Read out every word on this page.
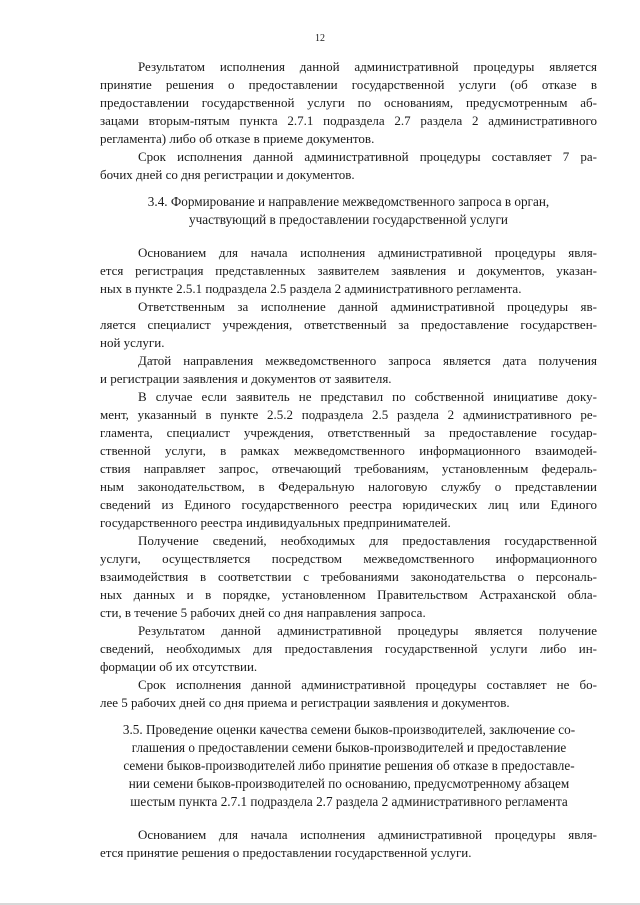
12
Результатом исполнения данной административной процедуры является
принятие решения о предоставлении государственной услуги (об отказе в
предоставлении государственной услуги по основаниям, предусмотренным аб-
зацами вторым-пятым пункта 2.7.1 подраздела 2.7 раздела 2 административного
регламента) либо об отказе в приеме документов.
Срок исполнения данной административной процедуры составляет 7 ра-
бочих дней со дня регистрации и документов.
3.4. Формирование и направление межведомственного запроса в орган,
участвующий в предоставлении государственной услуги
Основанием для начала исполнения административной процедуры явля-
ется регистрация представленных заявителем заявления и документов, указан-
ных в пункте 2.5.1 подраздела 2.5 раздела 2 административного регламента.
Ответственным за исполнение данной административной процедуры яв-
ляется специалист учреждения, ответственный за предоставление государствен-
ной услуги.
Датой направления межведомственного запроса является дата получения
и регистрации заявления и документов от заявителя.
В случае если заявитель не представил по собственной инициативе доку-
мент, указанный в пункте 2.5.2 подраздела 2.5 раздела 2 административного ре-
гламента, специалист учреждения, ответственный за предоставление государ-
ственной услуги, в рамках межведомственного информационного взаимодей-
ствия направляет запрос, отвечающий требованиям, установленным федераль-
ным законодательством, в Федеральную налоговую службу о представлении
сведений из Единого государственного реестра юридических лиц или Единого
государственного реестра индивидуальных предпринимателей.
Получение сведений, необходимых для предоставления государственной
услуги, осуществляется посредством межведомственного информационного
взаимодействия в соответствии с требованиями законодательства о персональ-
ных данных и в порядке, установленном Правительством Астраханской обла-
сти, в течение 5 рабочих дней со дня направления запроса.
Результатом данной административной процедуры является получение
сведений, необходимых для предоставления государственной услуги либо ин-
формации об их отсутствии.
Срок исполнения данной административной процедуры составляет не бо-
лее 5 рабочих дней со дня приема и регистрации заявления и документов.
3.5. Проведение оценки качества семени быков-производителей, заключение со-
глашения о предоставлении семени быков-производителей и предоставление
семени быков-производителей либо принятие решения об отказе в предоставле-
нии семени быков-производителей по основанию, предусмотренному абзацем
шестым пункта 2.7.1 подраздела 2.7 раздела 2 административного регламента
Основанием для начала исполнения административной процедуры явля-
ется принятие решения о предоставлении государственной услуги.
